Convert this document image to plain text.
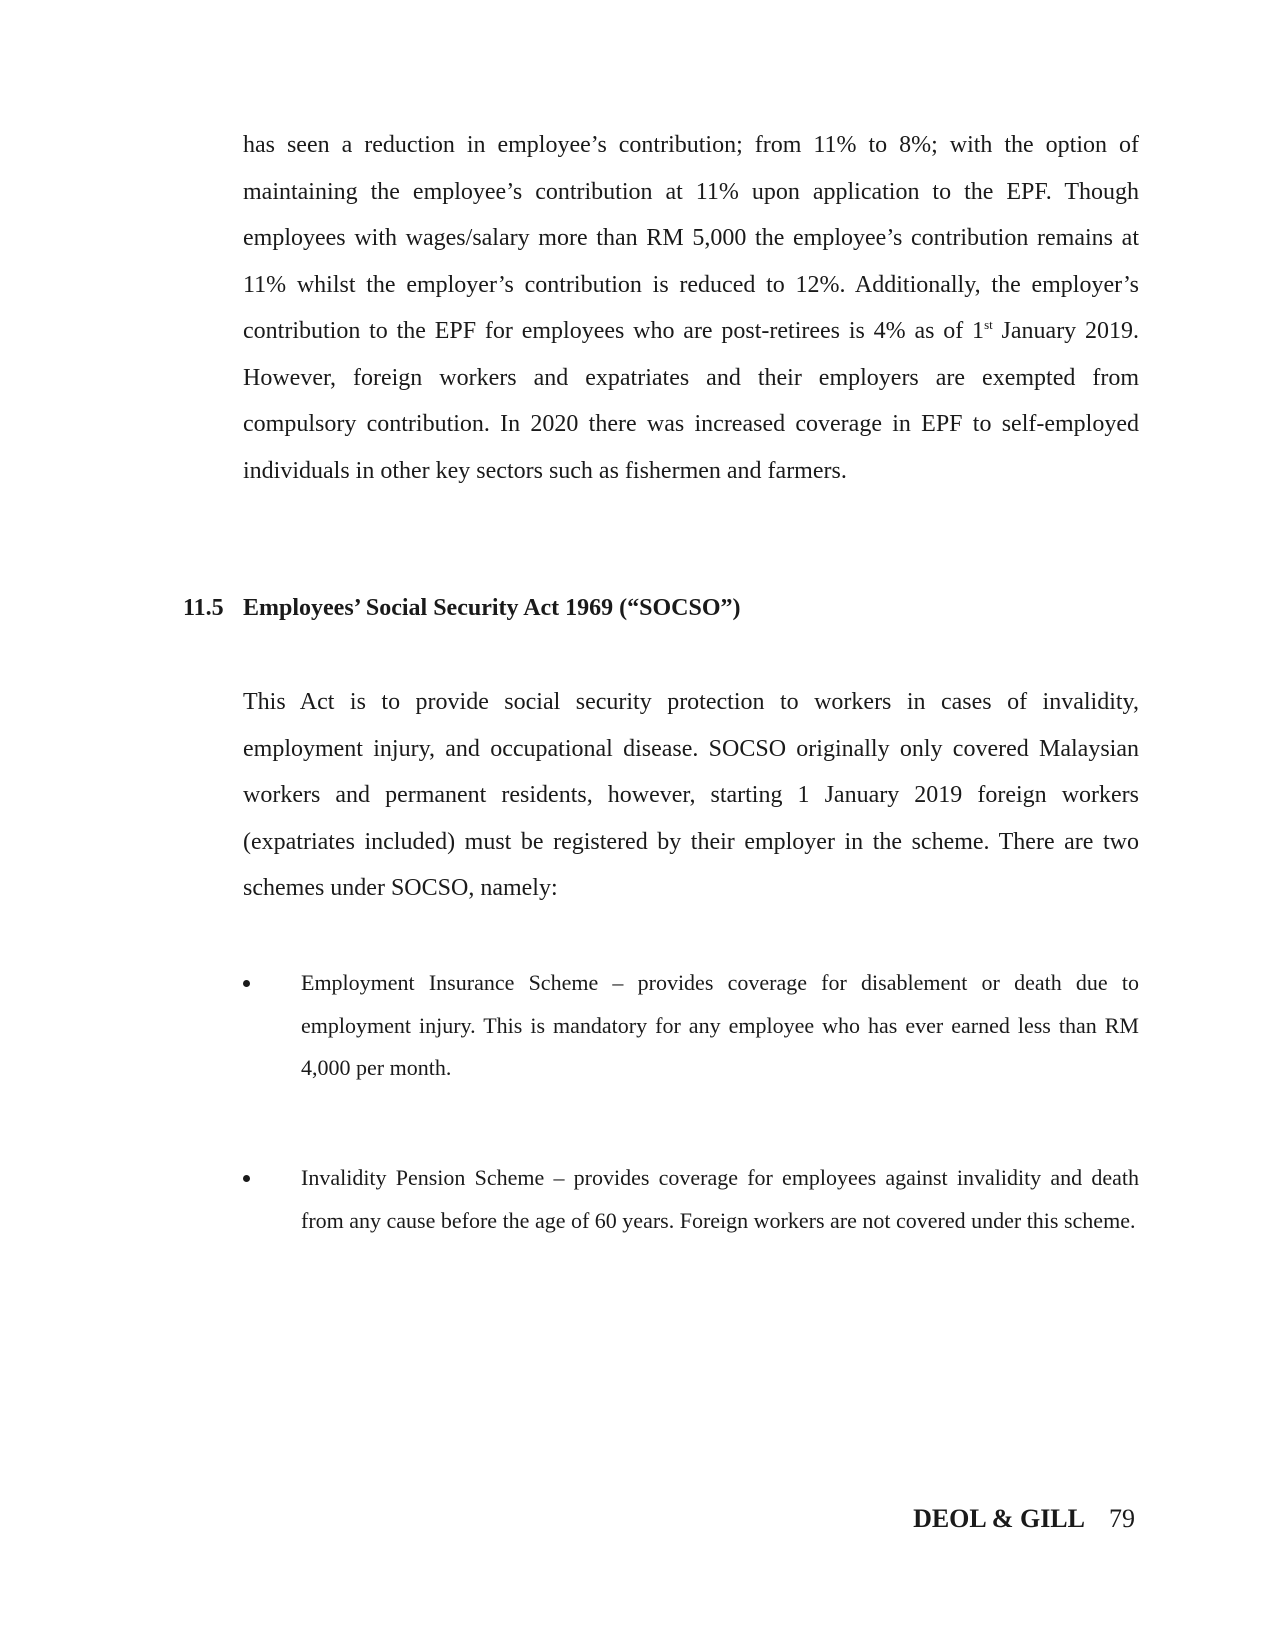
has seen a reduction in employee’s contribution; from 11% to 8%; with the option of maintaining the employee’s contribution at 11% upon application to the EPF. Though employees with wages/salary more than RM 5,000 the employee’s contribution remains at 11% whilst the employer’s contribution is reduced to 12%. Additionally, the employer’s contribution to the EPF for employees who are post-retirees is 4% as of 1st January 2019. However, foreign workers and expatriates and their employers are exempted from compulsory contribution. In 2020 there was increased coverage in EPF to self-employed individuals in other key sectors such as fishermen and farmers.

11.5 Employees’ Social Security Act 1969 (“SOCSO”)

This Act is to provide social security protection to workers in cases of invalidity, employment injury, and occupational disease. SOCSO originally only covered Malaysian workers and permanent residents, however, starting 1 January 2019 foreign workers (expatriates included) must be registered by their employer in the scheme. There are two schemes under SOCSO, namely:

Employment Insurance Scheme – provides coverage for disablement or death due to employment injury. This is mandatory for any employee who has ever earned less than RM 4,000 per month.
Invalidity Pension Scheme – provides coverage for employees against invalidity and death from any cause before the age of 60 years. Foreign workers are not covered under this scheme.
DEOL & GILL 79
